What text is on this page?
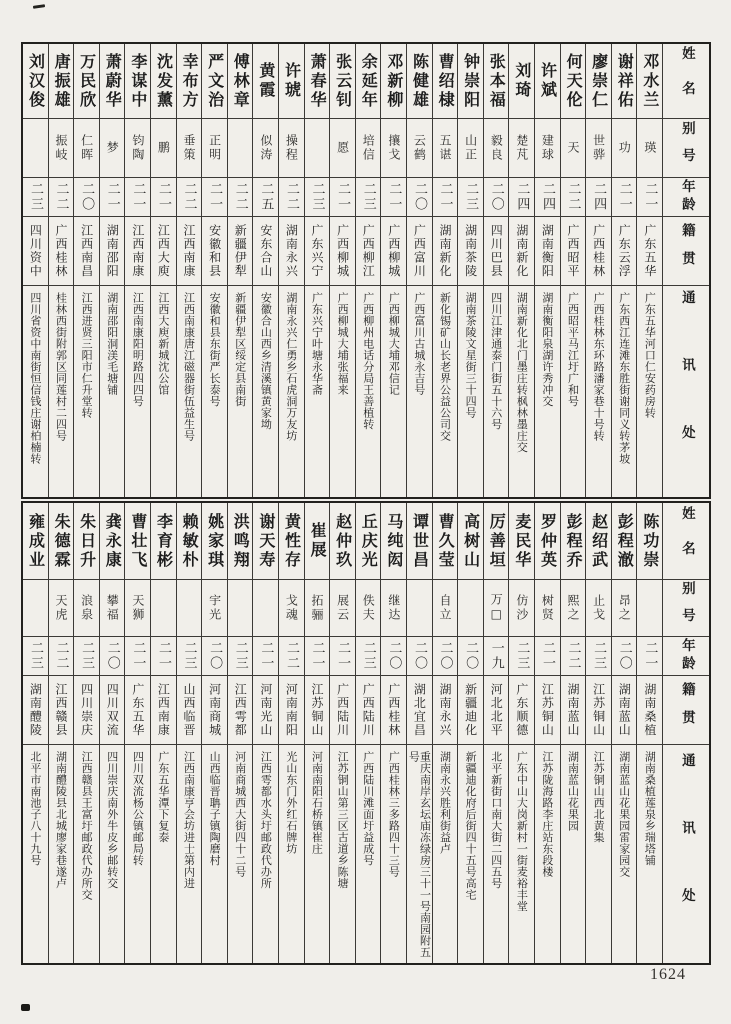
姓名
邓水兰
谢祥佑
廖崇仁
何天伦
许斌
刘琦
张本福
钟崇阳
曹绍棣
陈健雄
邓新柳
余延年
张云钊
萧春华
许琥
黄霞
傅林章
严文治
幸布方
沈发薰
李谋中
萧蔚华
万民欣
唐振雄
刘汉俊
别号
瑛
功
世骅
天
建球
楚芃
毅良
山正
五谌
云鹤
攘戈
培信
愿
操程
似涛
正明
垂策
鹏
钧陶
梦
仁晖
振岐
年龄
二一
二一
二四
二二
二四
二四
二〇
二三
二一
二〇
二一
二三
二一
二三
二二
二五
二二
二一
二二
二一
二一
二一
二〇
二二
二三
籍贯
广东五华
广东云浮
广西桂林
广西昭平
湖南衡阳
湖南新化
四川巴县
湖南茶陵
湖南新化
广西富川
广西柳城
广西柳江
广西柳城
广东兴宁
湖南永兴
安东合山
新疆伊犁
安徽和县
江西南康
江西大庾
江西南康
湖南邵阳
江西南昌
广西桂林
四川资中
通讯处
广东五华河口仁安药房转
广东西江连滩东胜街谢同义转茅坡
广西桂林东环路潘家巷十号转
广西昭平马江圩广和号
湖南衡阳泉湖许秀冲交
湖南新化北门墨庄转枫林墨庄交
四川江津通泰门街五十六号
湖南茶陵文星街三十四号
新化锡矿山长老界公益公司交
广西富川古城永吉号
广西柳城大埔邓信记
广西柳州电话分局王善植转
广西柳城大埔张福来
广东兴宁叶塘永华斋
湖南永兴仁勇乡石虎洞万友坊
安徽合山西乡清溪镇黄家坳
新疆伊犁区绥定县南街
安徽和县东街严长泰号
江西南康唐江磁器街伍益生号
江西大庾新城沈公馆
江西南康阳明路四四号
湖南邵阳洞渼毛塘铺
江西进贤三阳市仁升堂转
桂林西街附郭区同莲村二四号
四川省资中南街恒信钱庄谢柏楠转
姓名
陈功崇
彭程澈
赵绍武
彭程乔
罗仲英
麦民华
厉善垣
高树山
曹久莹
谭世昌
马纯闳
丘庆光
赵仲玖
崔展
黄性存
谢天寿
洪鸣翔
姚家琪
赖敏朴
李育彬
曹壮飞
龚永康
朱日升
朱德霖
雍成业
别号
昂之
止戈
熙之
树贤
仿沙
万□
自立
继达
佚夫
展云
拓骊
戈魂
宇光
天狮
攀福
浪泉
天虎
年龄
二一
二〇
二三
二二
二一
二三
一九
二〇
二〇
二〇
二〇
二三
二一
二一
二二
二一
二三
二〇
二三
二一
二一
二〇
二三
二二
二三
籍贯
湖南桑植
湖南蓝山
江苏铜山
湖南蓝山
江苏铜山
广东顺德
河北北平
新疆迪化
湖南永兴
湖北宜昌
广西桂林
广西陆川
广西陆川
江苏铜山
河南南阳
河南光山
江西雩都
河南商城
山西临晋
江西南康
广东五华
四川双流
四川崇庆
江西赣县
湖南醴陵
通讯处
湖南桑植莲泉乡瑞塔铺
湖南蓝山花果园雷家园交
江苏铜山西北黄集
湖南蓝山花果园
江苏陇海路李庄站东段楼
广东中山大岗新村一街麦裕丰堂
北平新街口南大街二四五号
新疆迪化府后街四十五号高宅
湖南永兴胜利街益卢
重庆南岸玄坛庙冻绿房三十一号南园附五号
广西桂林三多路四十三号
广西陆川滩面圩益成号
江苏铜山第三区古道乡陈塘
河南南阳石桥镇崔庄
光山东门外红石牌坊
江西雩都水头圩邮政代办所
河南商城西大街四十二号
山西临晋聃子镇陶磨村
江西南康亨会坊进士第内进
广东五华潭下复泰
四川双流杨公镇邮局转
四川崇庆南外牛皮乡邮转交
江西赣县王富圩邮政代办所交
湖南醴陵县北城廖家巷遂卢
北平市南池子八十九号
1624
